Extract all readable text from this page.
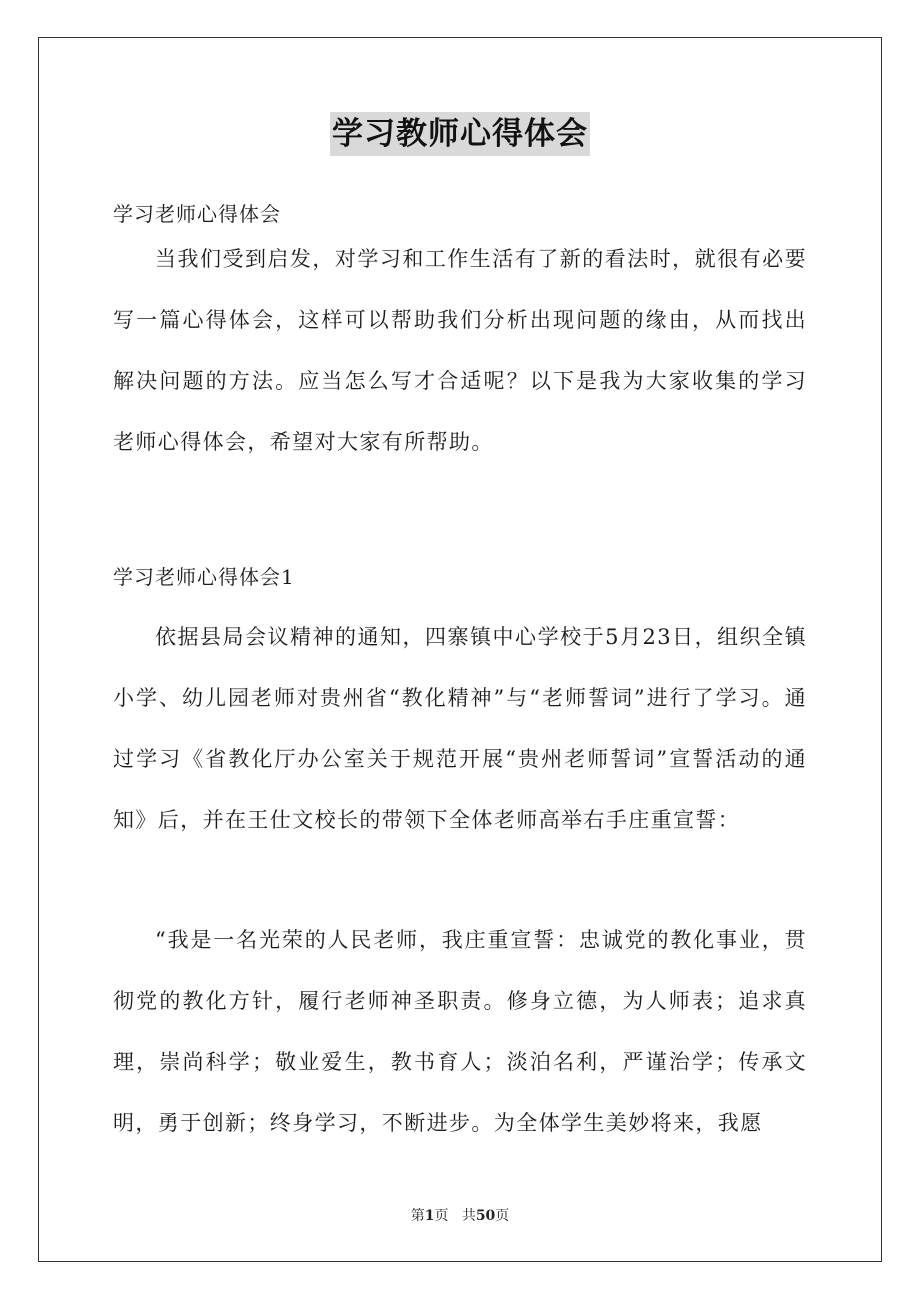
学习教师心得体会
学习老师心得体会

当我们受到启发，对学习和工作生活有了新的看法时，就很有必要写一篇心得体会，这样可以帮助我们分析出现问题的缘由，从而找出解决问题的方法。应当怎么写才合适呢？以下是我为大家收集的学习老师心得体会，希望对大家有所帮助。

学习老师心得体会1

依据县局会议精神的通知，四寨镇中心学校于5月23日，组织全镇小学、幼儿园老师对贵州省“教化精神”与“老师誓词”进行了学习。通过学习《省教化厅办公室关于规范开展“贵州老师誓词”宣誓活动的通知》后，并在王仕文校长的带领下全体老师高举右手庄重宣誓：

“我是一名光荣的人民老师，我庄重宣誓：忠诚党的教化事业，贯彻党的教化方针，履行老师神圣职责。修身立德，为人师表；追求真理，崇尚科学；敬业爱生，教书育人；淡泊名利，严谨治学；传承文明，勇于创新；终身学习，不断进步。为全体学生美妙将来，我愿

第1页 共50页
